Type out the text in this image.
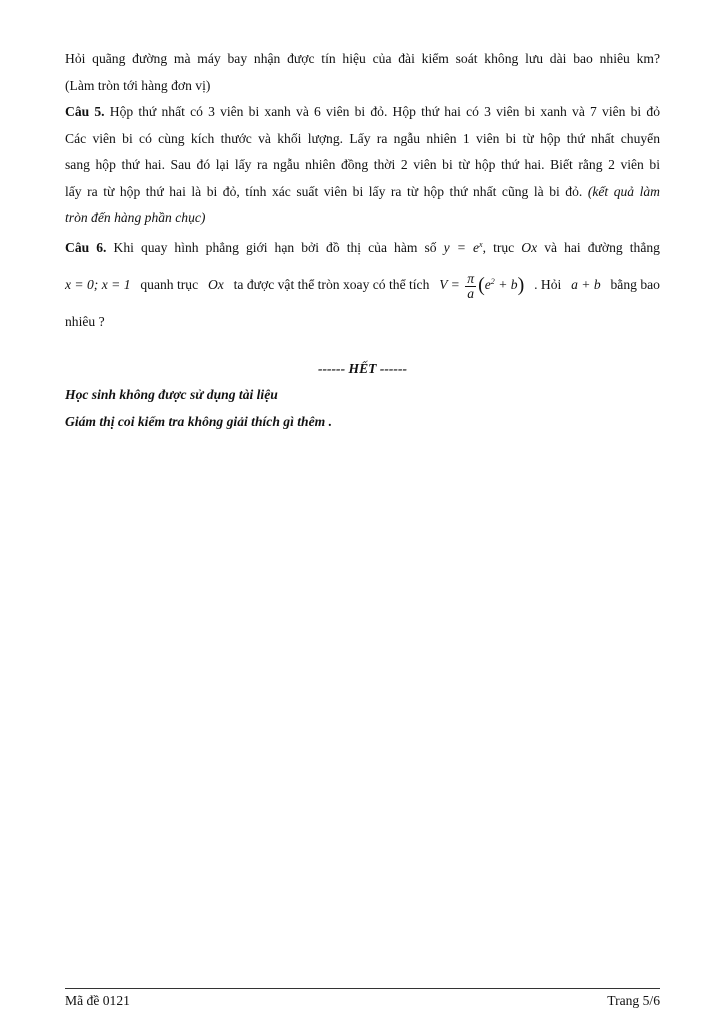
Hỏi quãng đường mà máy bay nhận được tín hiệu của đài kiểm soát không lưu dài bao nhiêu km?
(Làm tròn tới hàng đơn vị)
Câu 5. Hộp thứ nhất có 3 viên bi xanh và 6 viên bi đỏ. Hộp thứ hai có 3 viên bi xanh và 7 viên bi đỏ
Các viên bi có cùng kích thước và khối lượng. Lấy ra ngẫu nhiên 1 viên bi từ hộp thứ nhất chuyển
sang hộp thứ hai. Sau đó lại lấy ra ngẫu nhiên đồng thời 2 viên bi từ hộp thứ hai. Biết rằng 2 viên bi
lấy ra từ hộp thứ hai là bi đỏ, tính xác suất viên bi lấy ra từ hộp thứ nhất cũng là bi đỏ. (kết quả làm
tròn đến hàng phần chục)
Câu 6. Khi quay hình phẳng giới hạn bởi đồ thị của hàm số $y = e^x$, trục Ox và hai đường thẳng
x = 0; x = 1 quanh trục Ox ta được vật thể tròn xoay có thể tích $V = \frac{\pi}{a} (e^2 + b)$ . Hỏi a + b bằng bao
nhiêu ?
------ HẾT ------
Học sinh không được sử dụng tài liệu
Giám thị coi kiểm tra không giải thích gì thêm .
Mã đề 0121	Trang 5/6
